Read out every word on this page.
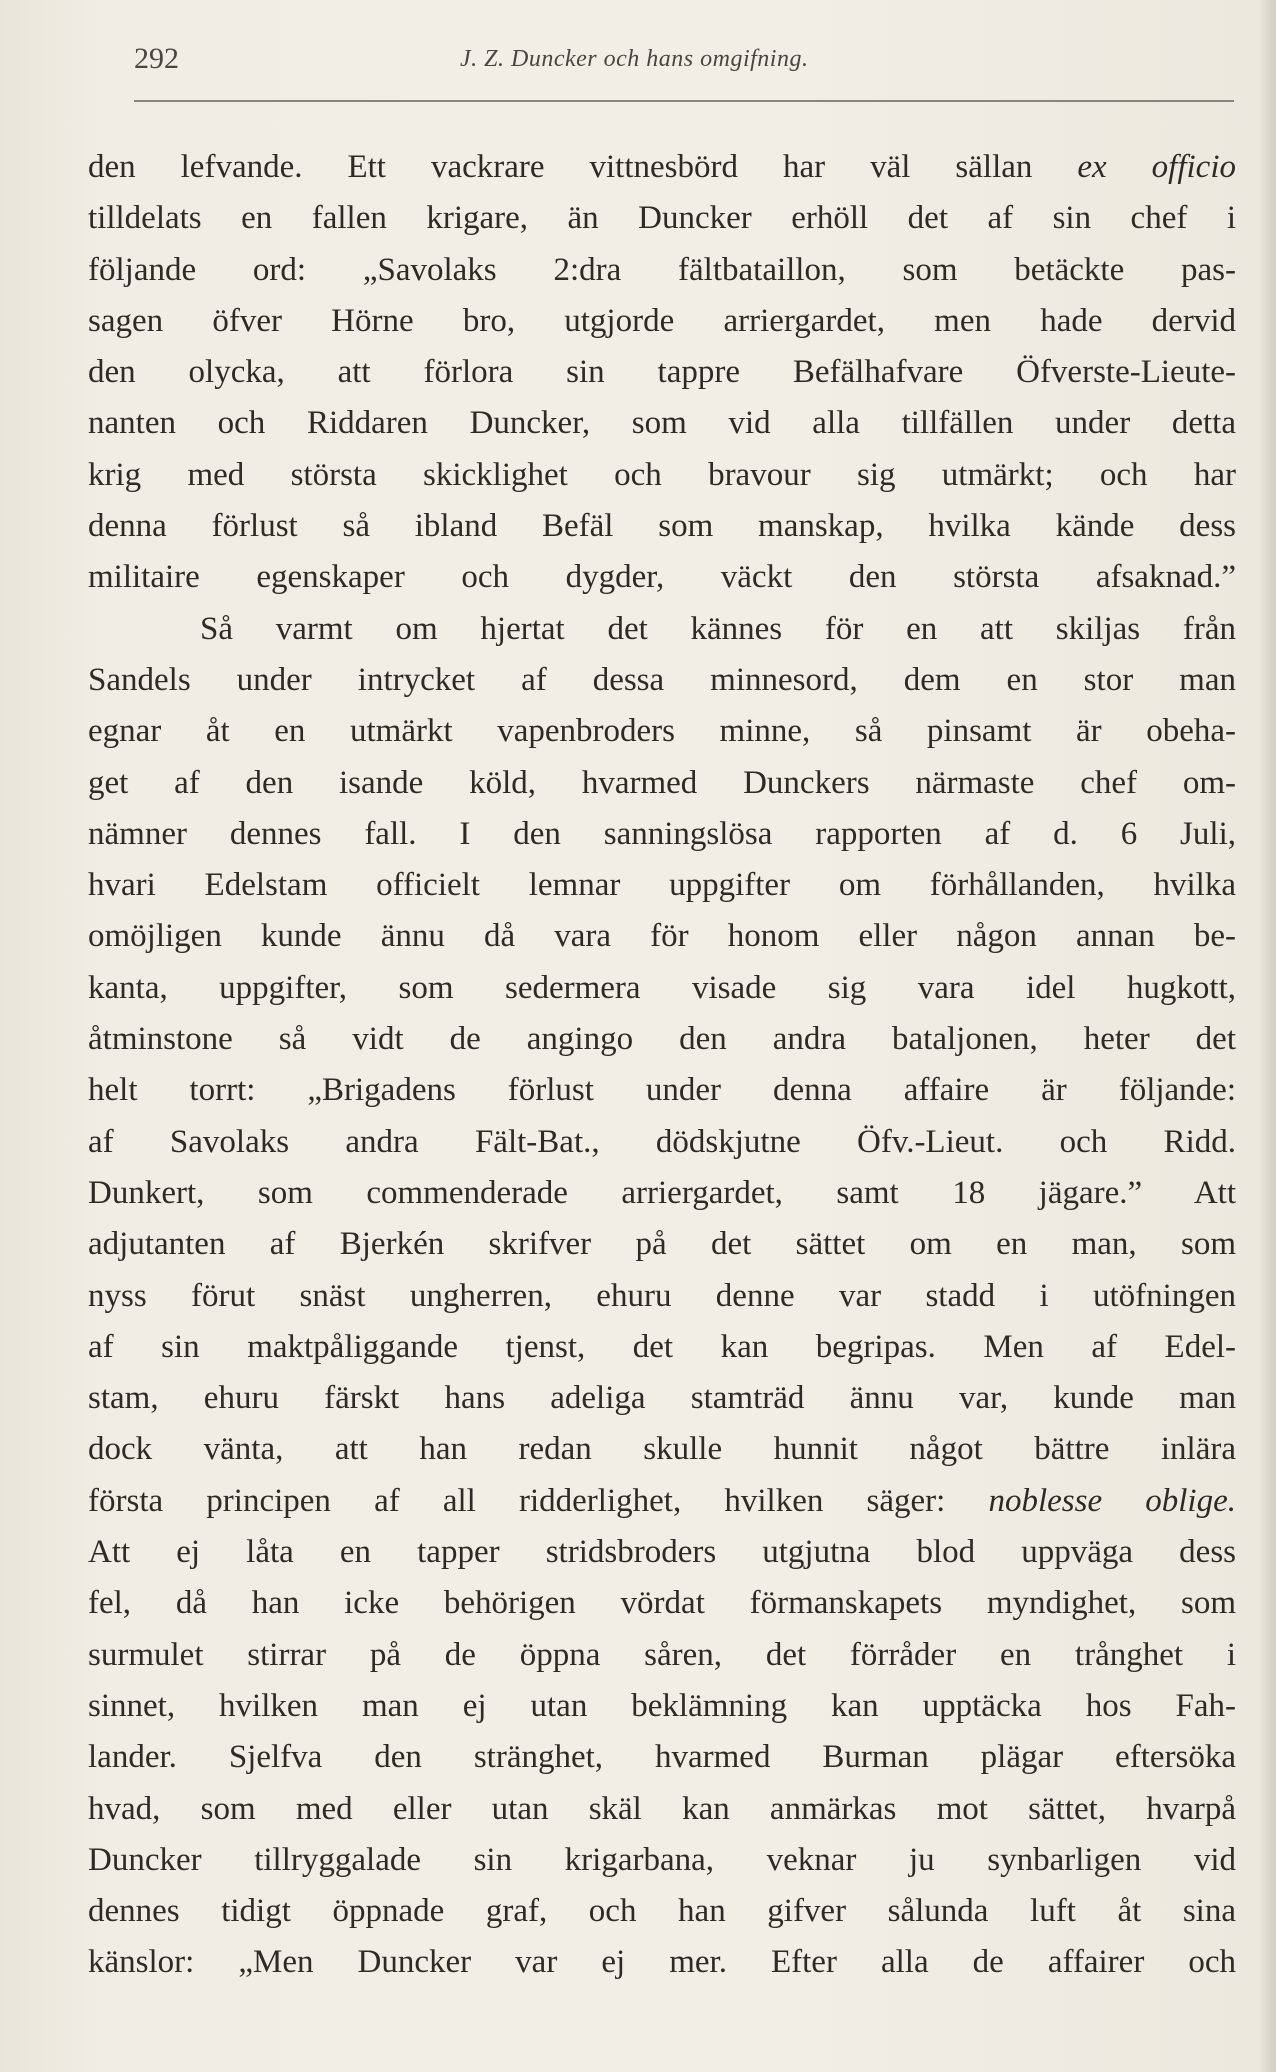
292	J. Z. Duncker och hans omgifning.
den lefvande. Ett vackrare vittnesbörd har väl sällan ex officio
tilldelats en fallen krigare, än Duncker erhöll det af sin chef i
följande ord: „Savolaks 2:dra fältbataillon, som betäckte pas-
sagen öfver Hörne bro, utgjorde arriergardet, men hade dervid
den olycka, att förlora sin tappre Befälhafvare Öfverste-Lieute-
nanten och Riddaren Duncker, som vid alla tillfällen under detta
krig med största skicklighet och bravour sig utmärkt; och har
denna förlust så ibland Befäl som manskap, hvilka kände dess
militaire egenskaper och dygder, väckt den största afsaknad.”
Så varmt om hjertat det kännes för en att skiljas från
Sandels under intrycket af dessa minnesord, dem en stor man
egnar åt en utmärkt vapenbroders minne, så pinsamt är obeha-
get af den isande köld, hvarmed Dunckers närmaste chef om-
nämner dennes fall. I den sanningslösa rapporten af d. 6 Juli,
hvari Edelstam officielt lemnar uppgifter om förhållanden, hvilka
omöjligen kunde ännu då vara för honom eller någon annan be-
kanta, uppgifter, som sedermera visade sig vara idel hugkott,
åtminstone så vidt de angingo den andra bataljonen, heter det
helt torrt: „Brigadens förlust under denna affaire är följande:
af Savolaks andra Fält-Bat., dödskjutne Öfv.-Lieut. och Ridd.
Dunkert, som commenderade arriergardet, samt 18 jägare.” Att
adjutanten af Bjerkén skrifver på det sättet om en man, som
nyss förut snäst ungherren, ehuru denne var stadd i utöfningen
af sin maktpåliggande tjenst, det kan begripas. Men af Edel-
stam, ehuru färskt hans adeliga stamträd ännu var, kunde man
dock vänta, att han redan skulle hunnit något bättre inlära
första principen af all ridderlighet, hvilken säger: noblesse oblige.
Att ej låta en tapper stridsbroders utgjutna blod uppväga dess
fel, då han icke behörigen vördat förmanskapets myndighet, som
surmulet stirrar på de öppna såren, det förråder en trånghet i
sinnet, hvilken man ej utan beklämning kan upptäcka hos Fah-
lander. Sjelfva den stränghet, hvarmed Burman plägar eftersöka
hvad, som med eller utan skäl kan anmärkas mot sättet, hvarpå
Duncker tillryggalade sin krigarbana, veknar ju synbarligen vid
dennes tidigt öppnade graf, och han gifver sålunda luft åt sina
känslor: „Men Duncker var ej mer. Efter alla de affairer och
